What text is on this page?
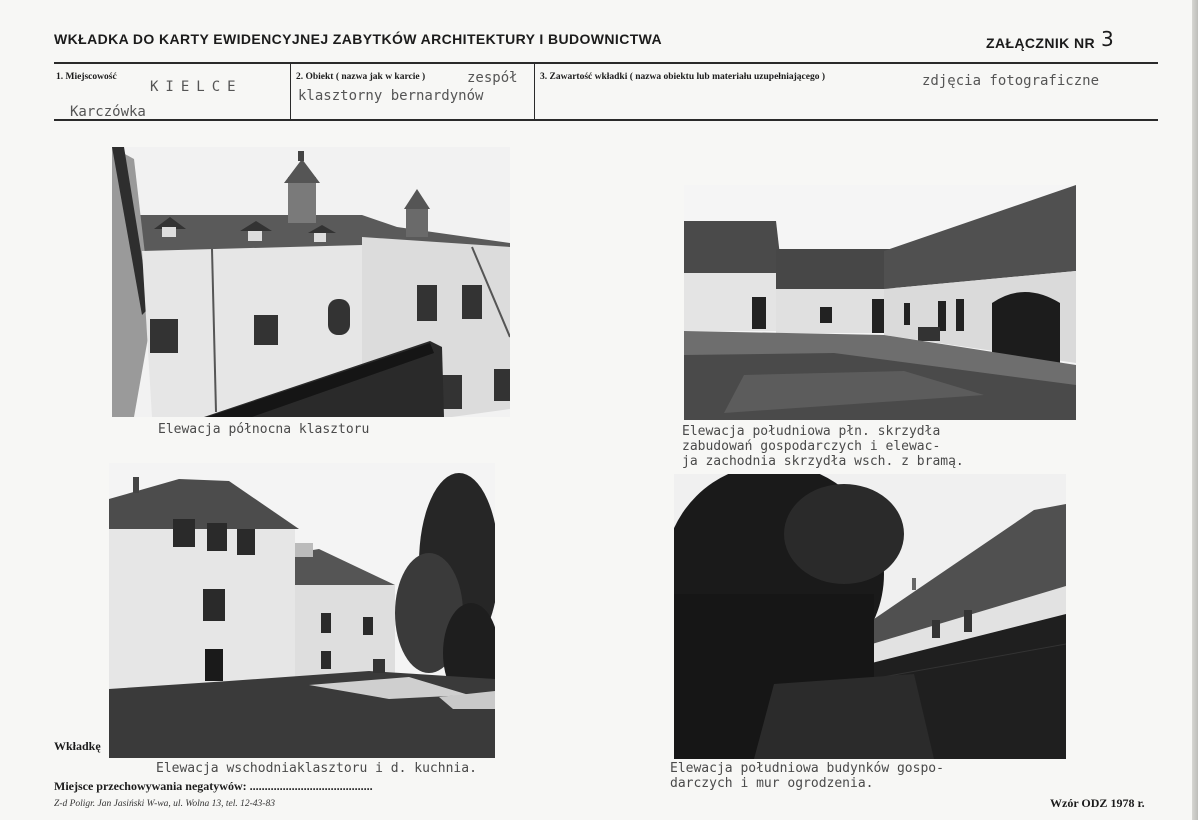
WKŁADKA DO KARTY EWIDENCYJNEJ ZABYTKÓW ARCHITEKTURY I BUDOWNICTWA	ZAŁĄCZNIK NR 3
1. Miejscowość
KIELCE
Karczówka
2. Obiekt ( nazwa jak w karcie )	zespół
klasztorny bernardynów
3. Zawartość wkładki ( nazwa obiektu lub materiału uzupełniającego )	zdjęcia fotograficzne
Elewacja północna klasztoru	Elewacja południowa płn. skrzydła
zabudowań gospodarczych i elewac-
ja zachodnia skrzydła wsch. z bramą.
Elewacja wschodniaklasztoru i d. kuchnia.	Elewacja południowa budynków gospo-
darczych i mur ogrodzenia.
Wkładkę
Miejsce przechowywania negatywów: .........................................
Z-d Poligr. Jan Jasiński W-wa, ul. Wolna 13, tel. 12-43-83	Wzór ODZ 1978 r.
